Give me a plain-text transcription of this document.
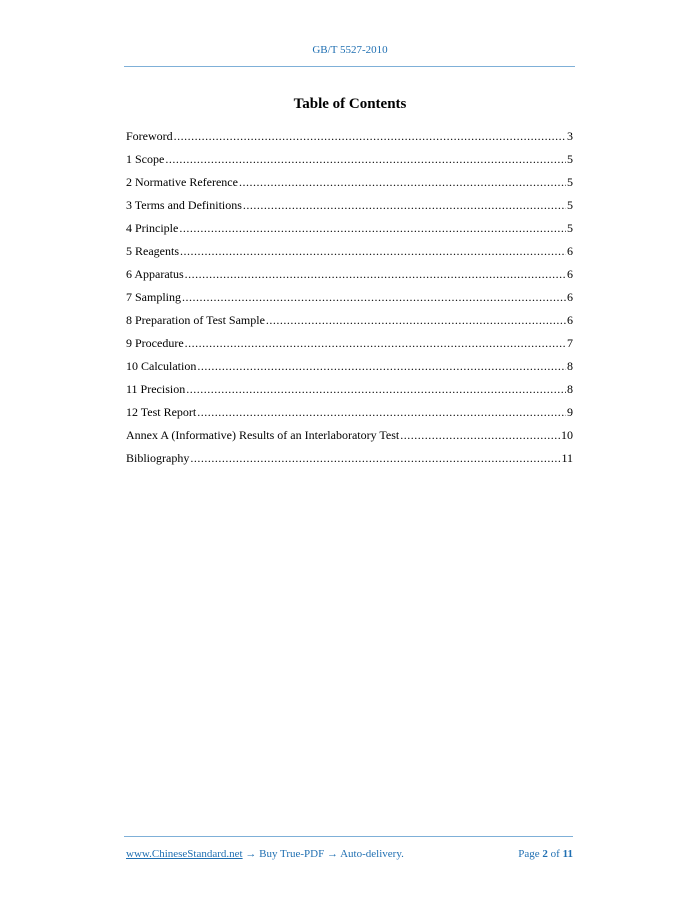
GB/T 5527-2010
Table of Contents
Foreword .....	3
1 Scope .....	5
2 Normative Reference .....	5
3 Terms and Definitions .....	5
4 Principle .....	5
5 Reagents .....	6
6 Apparatus .....	6
7 Sampling .....	6
8 Preparation of Test Sample .....	6
9 Procedure .....	7
10 Calculation .....	8
11 Precision .....	8
12 Test Report .....	9
Annex A (Informative) Results of an Interlaboratory Test .....	10
Bibliography .....	11
www.ChineseStandard.net → Buy True-PDF → Auto-delivery.	Page 2 of 11
